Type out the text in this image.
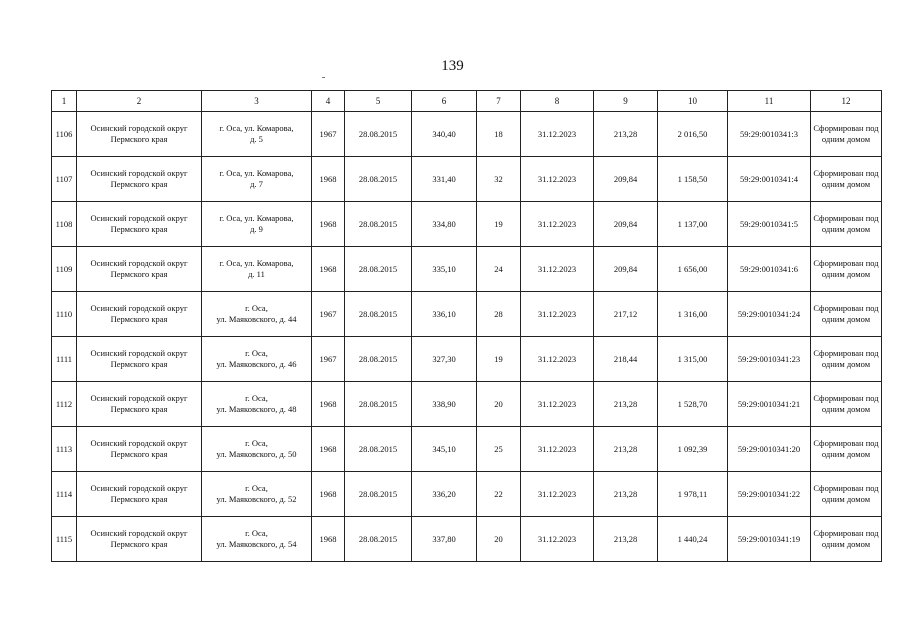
139
1	2	3	4	5	6	7	8	9	10	11	12
1106	Осинский городской округ Пермского края	г. Оса, ул. Комарова,
д. 5	1967	28.08.2015	340,40	18	31.12.2023	213,28	2 016,50	59:29:0010341:3	Сформирован под одним домом
1107	Осинский городской округ Пермского края	г. Оса, ул. Комарова,
д. 7	1968	28.08.2015	331,40	32	31.12.2023	209,84	1 158,50	59:29:0010341:4	Сформирован под одним домом
1108	Осинский городской округ Пермского края	г. Оса, ул. Комарова,
д. 9	1968	28.08.2015	334,80	19	31.12.2023	209,84	1 137,00	59:29:0010341:5	Сформирован под одним домом
1109	Осинский городской округ Пермского края	г. Оса, ул. Комарова,
д. 11	1968	28.08.2015	335,10	24	31.12.2023	209,84	1 656,00	59:29:0010341:6	Сформирован под одним домом
1110	Осинский городской округ Пермского края	г. Оса,
ул. Маяковского, д. 44	1967	28.08.2015	336,10	28	31.12.2023	217,12	1 316,00	59:29:0010341:24	Сформирован под одним домом
1111	Осинский городской округ Пермского края	г. Оса,
ул. Маяковского, д. 46	1967	28.08.2015	327,30	19	31.12.2023	218,44	1 315,00	59:29:0010341:23	Сформирован под одним домом
1112	Осинский городской округ Пермского края	г. Оса,
ул. Маяковского, д. 48	1968	28.08.2015	338,90	20	31.12.2023	213,28	1 528,70	59:29:0010341:21	Сформирован под одним домом
1113	Осинский городской округ Пермского края	г. Оса,
ул. Маяковского, д. 50	1968	28.08.2015	345,10	25	31.12.2023	213,28	1 092,39	59:29:0010341:20	Сформирован под одним домом
1114	Осинский городской округ Пермского края	г. Оса,
ул. Маяковского, д. 52	1968	28.08.2015	336,20	22	31.12.2023	213,28	1 978,11	59:29:0010341:22	Сформирован под одним домом
1115	Осинский городской округ Пермского края	г. Оса,
ул. Маяковского, д. 54	1968	28.08.2015	337,80	20	31.12.2023	213,28	1 440,24	59:29:0010341:19	Сформирован под одним домом
